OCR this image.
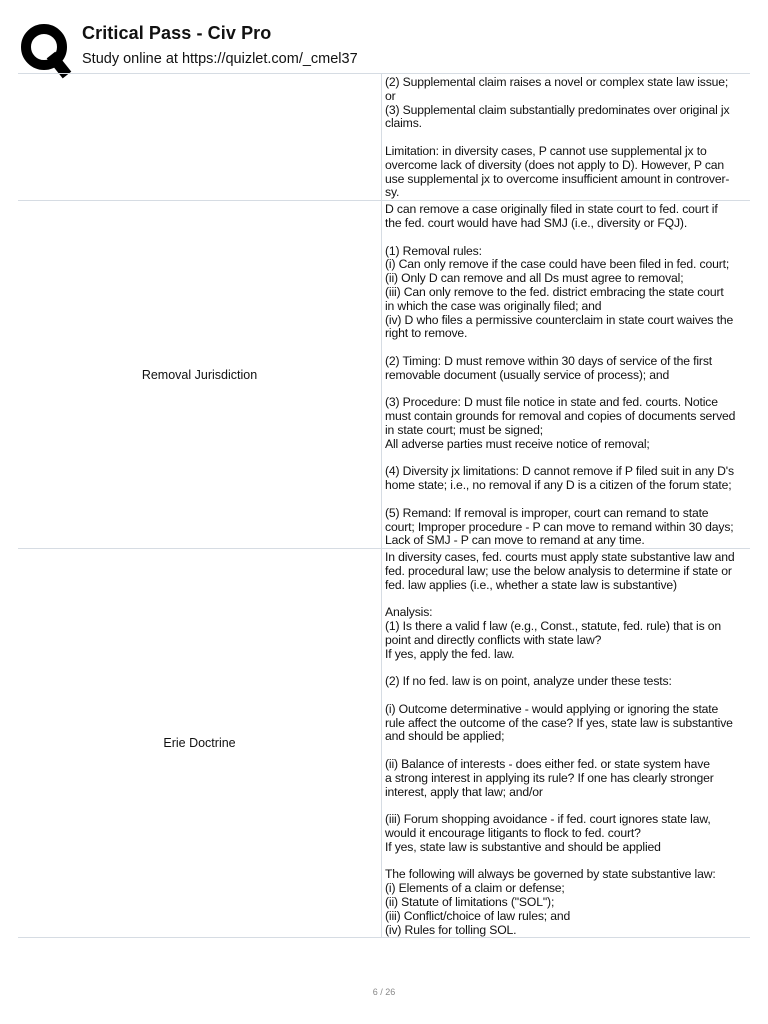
Critical Pass - Civ Pro
Study online at https://quizlet.com/_cmel37
(2) Supplemental claim raises a novel or complex state law issue;
or
(3) Supplemental claim substantially predominates over original jx
claims.
Limitation: in diversity cases, P cannot use supplemental jx to
overcome lack of diversity (does not apply to D). However, P can
use supplemental jx to overcome insufficient amount in controver-
sy.
Removal Jurisdiction
D can remove a case originally filed in state court to fed. court if
the fed. court would have had SMJ (i.e., diversity or FQJ).
(1) Removal rules:
(i) Can only remove if the case could have been filed in fed. court;
(ii) Only D can remove and all Ds must agree to removal;
(iii) Can only remove to the fed. district embracing the state court
in which the case was originally filed; and
(iv) D who files a permissive counterclaim in state court waives the
right to remove.
(2) Timing: D must remove within 30 days of service of the first
removable document (usually service of process); and
(3) Procedure: D must file notice in state and fed. courts. Notice
must contain grounds for removal and copies of documents served
in state court; must be signed;
All adverse parties must receive notice of removal;
(4) Diversity jx limitations: D cannot remove if P filed suit in any D's
home state; i.e., no removal if any D is a citizen of the forum state;
(5) Remand: If removal is improper, court can remand to state
court; Improper procedure - P can move to remand within 30 days;
Lack of SMJ - P can move to remand at any time.
Erie Doctrine
In diversity cases, fed. courts must apply state substantive law and
fed. procedural law; use the below analysis to determine if state or
fed. law applies (i.e., whether a state law is substantive)
Analysis:
(1) Is there a valid f law (e.g., Const., statute, fed. rule) that is on
point and directly conflicts with state law?
If yes, apply the fed. law.
(2) If no fed. law is on point, analyze under these tests:
(i) Outcome determinative - would applying or ignoring the state
rule affect the outcome of the case? If yes, state law is substantive
and should be applied;
(ii) Balance of interests - does either fed. or state system have
a strong interest in applying its rule? If one has clearly stronger
interest, apply that law; and/or
(iii) Forum shopping avoidance - if fed. court ignores state law,
would it encourage litigants to flock to fed. court?
If yes, state law is substantive and should be applied
The following will always be governed by state substantive law:
(i) Elements of a claim or defense;
(ii) Statute of limitations ("SOL");
(iii) Conflict/choice of law rules; and
(iv) Rules for tolling SOL.
6 / 26
